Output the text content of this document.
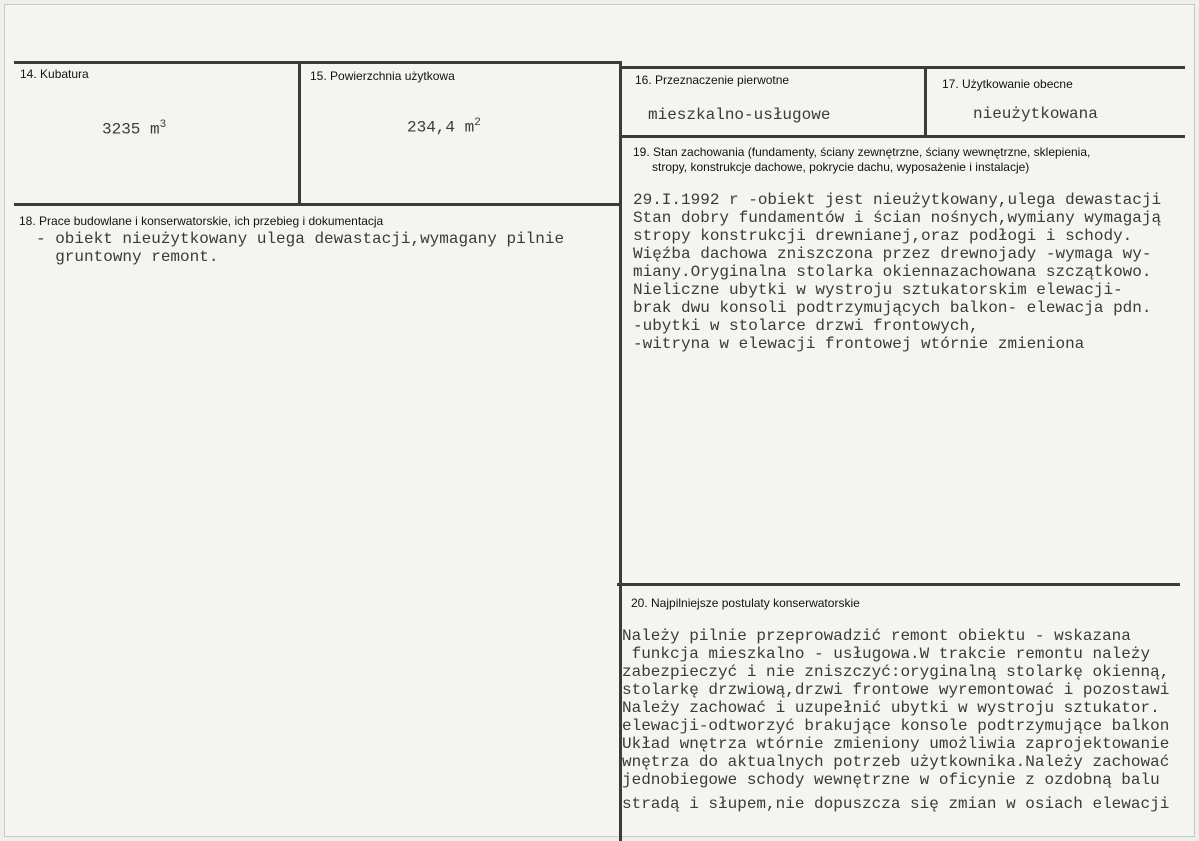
14. Kubatura
3235 $m^3$
15. Powierzchnia użytkowa
234,4 $m^2$
16. Przeznaczenie pierwotne
mieszkalno-usługowe
17. Użytkowanie obecne
nieużytkowana
18. Prace budowlane i konserwatorskie, ich przebieg i dokumentacja
- obiekt nieużytkowany ulega dewastacji,wymagany pilnie
gruntowny remont.
19. Stan zachowania (fundamenty, ściany zewnętrzne, ściany wewnętrzne, sklepienia,
stropy, konstrukcje dachowe, pokrycie dachu, wyposażenie i instalacje)

29.I.1992 r -obiekt jest nieużytkowany,ulega dewastacji
Stan dobry fundamentów i ścian nośnych,wymiany wymagają
stropy konstrukcji drewnianej,oraz podłogi i schody.
Więźba dachowa zniszczona przez drewnojady -wymaga wy-
miany.Oryginalna stolarka okiennazachowana szczątkowo.
Nieliczne ubytki w wystroju sztukatorskim elewacji-
brak dwu konsoli podtrzymujących balkon- elewacja pdn.
-ubytki w stolarce drzwi frontowych,
-witryna w elewacji frontowej wtórnie zmieniona

20. Najpilniejsze postulaty konserwatorskie

Należy pilnie przeprowadzić remont obiektu - wskazana
funkcja mieszkalno - usługowa.W trakcie remontu należy
zabezpieczyć i nie zniszczyć:oryginalną stolarkę okienną,
stolarkę drzwiową,drzwi frontowe wyremontować i pozostawi
Należy zachować i uzupełnić ubytki w wystroju sztukator.
elewacji-odtworzyć brakujące konsole podtrzymujące balkon
Układ wnętrza wtórnie zmieniony umożliwia zaprojektowanie
wnętrza do aktualnych potrzeb użytkownika.Należy zachować
jednobiegowe schody wewnętrzne w oficynie z ozdobną balu
stradą i słupem,nie dopuszcza się zmian w osiach elewacji
